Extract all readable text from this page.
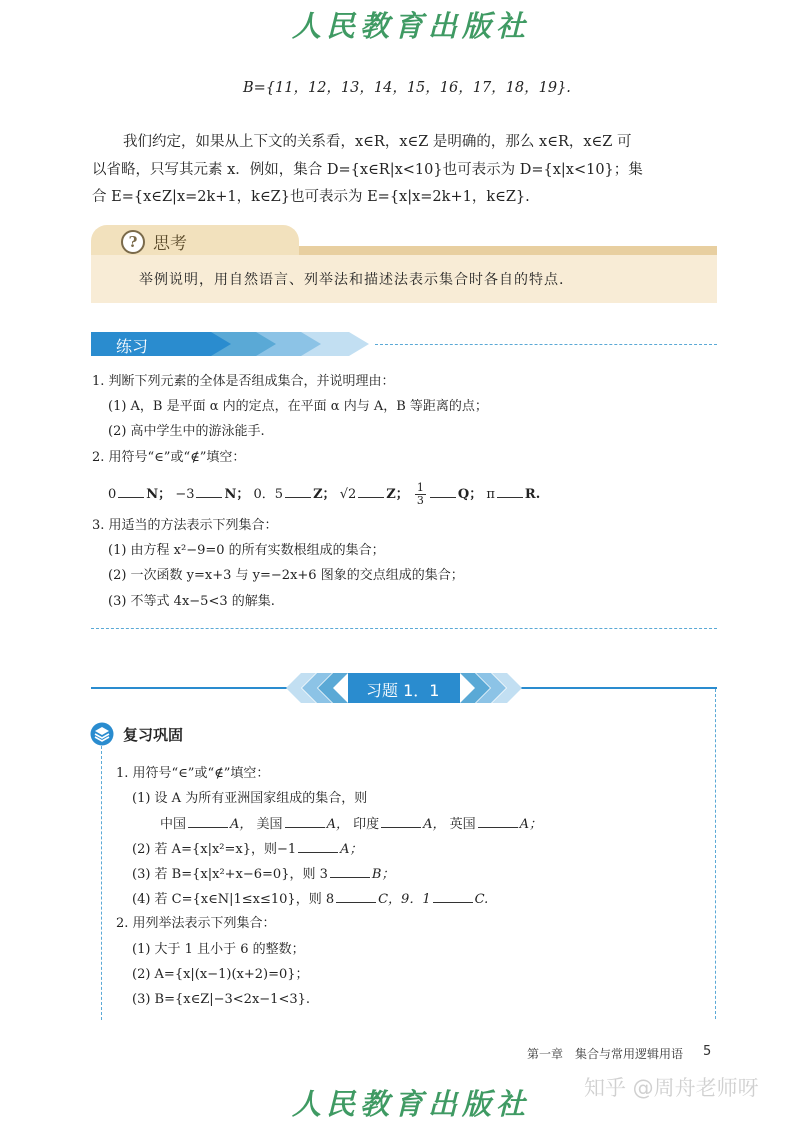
人民教育出版社
B={11，12，13，14，15，16，17，18，19}.
我们约定，如果从上下文的关系看，x∈R，x∈Z 是明确的，那么 x∈R，x∈Z 可
以省略，只写其元素 x．例如，集合 D={x∈R|x<10}也可表示为 D={x|x<10}；集
合 E={x∈Z|x=2k+1，k∈Z}也可表示为 E={x|x=2k+1，k∈Z}.
? 思考
举例说明，用自然语言、列举法和描述法表示集合时各自的特点.
练习
1. 判断下列元素的全体是否组成集合，并说明理由：
(1) A，B 是平面 α 内的定点，在平面 α 内与 A，B 等距离的点；
(2) 高中学生中的游泳能手.
2. 用符号“∈”或“∉”填空：
0 N； −3 N； 0．5 Z； √2 Z； $\frac{1}{3}$ Q； π R.
3. 用适当的方法表示下列集合：
(1) 由方程 x²−9=0 的所有实数根组成的集合；
(2) 一次函数 y=x+3 与 y=−2x+6 图象的交点组成的集合；
(3) 不等式 4x−5<3 的解集.
习题 1．1
复习巩固
1. 用符号“∈”或“∉”填空：
(1) 设 A 为所有亚洲国家组成的集合，则
中国	A， 美国	A， 印度	A， 英国	A；
(2) 若 A={x|x²=x}，则−1	A；
(3) 若 B={x|x²+x−6=0}，则 3	B；
(4) 若 C={x∈N|1≤x≤10}，则 8	C，9．1	C.
2. 用列举法表示下列集合：
(1) 大于 1 且小于 6 的整数；
(2) A={x|(x−1)(x+2)=0}；
(3) B={x∈Z|−3<2x−1<3}.
第一章　集合与常用逻辑用语 5
知乎 @周舟老师呀
人民教育出版社
